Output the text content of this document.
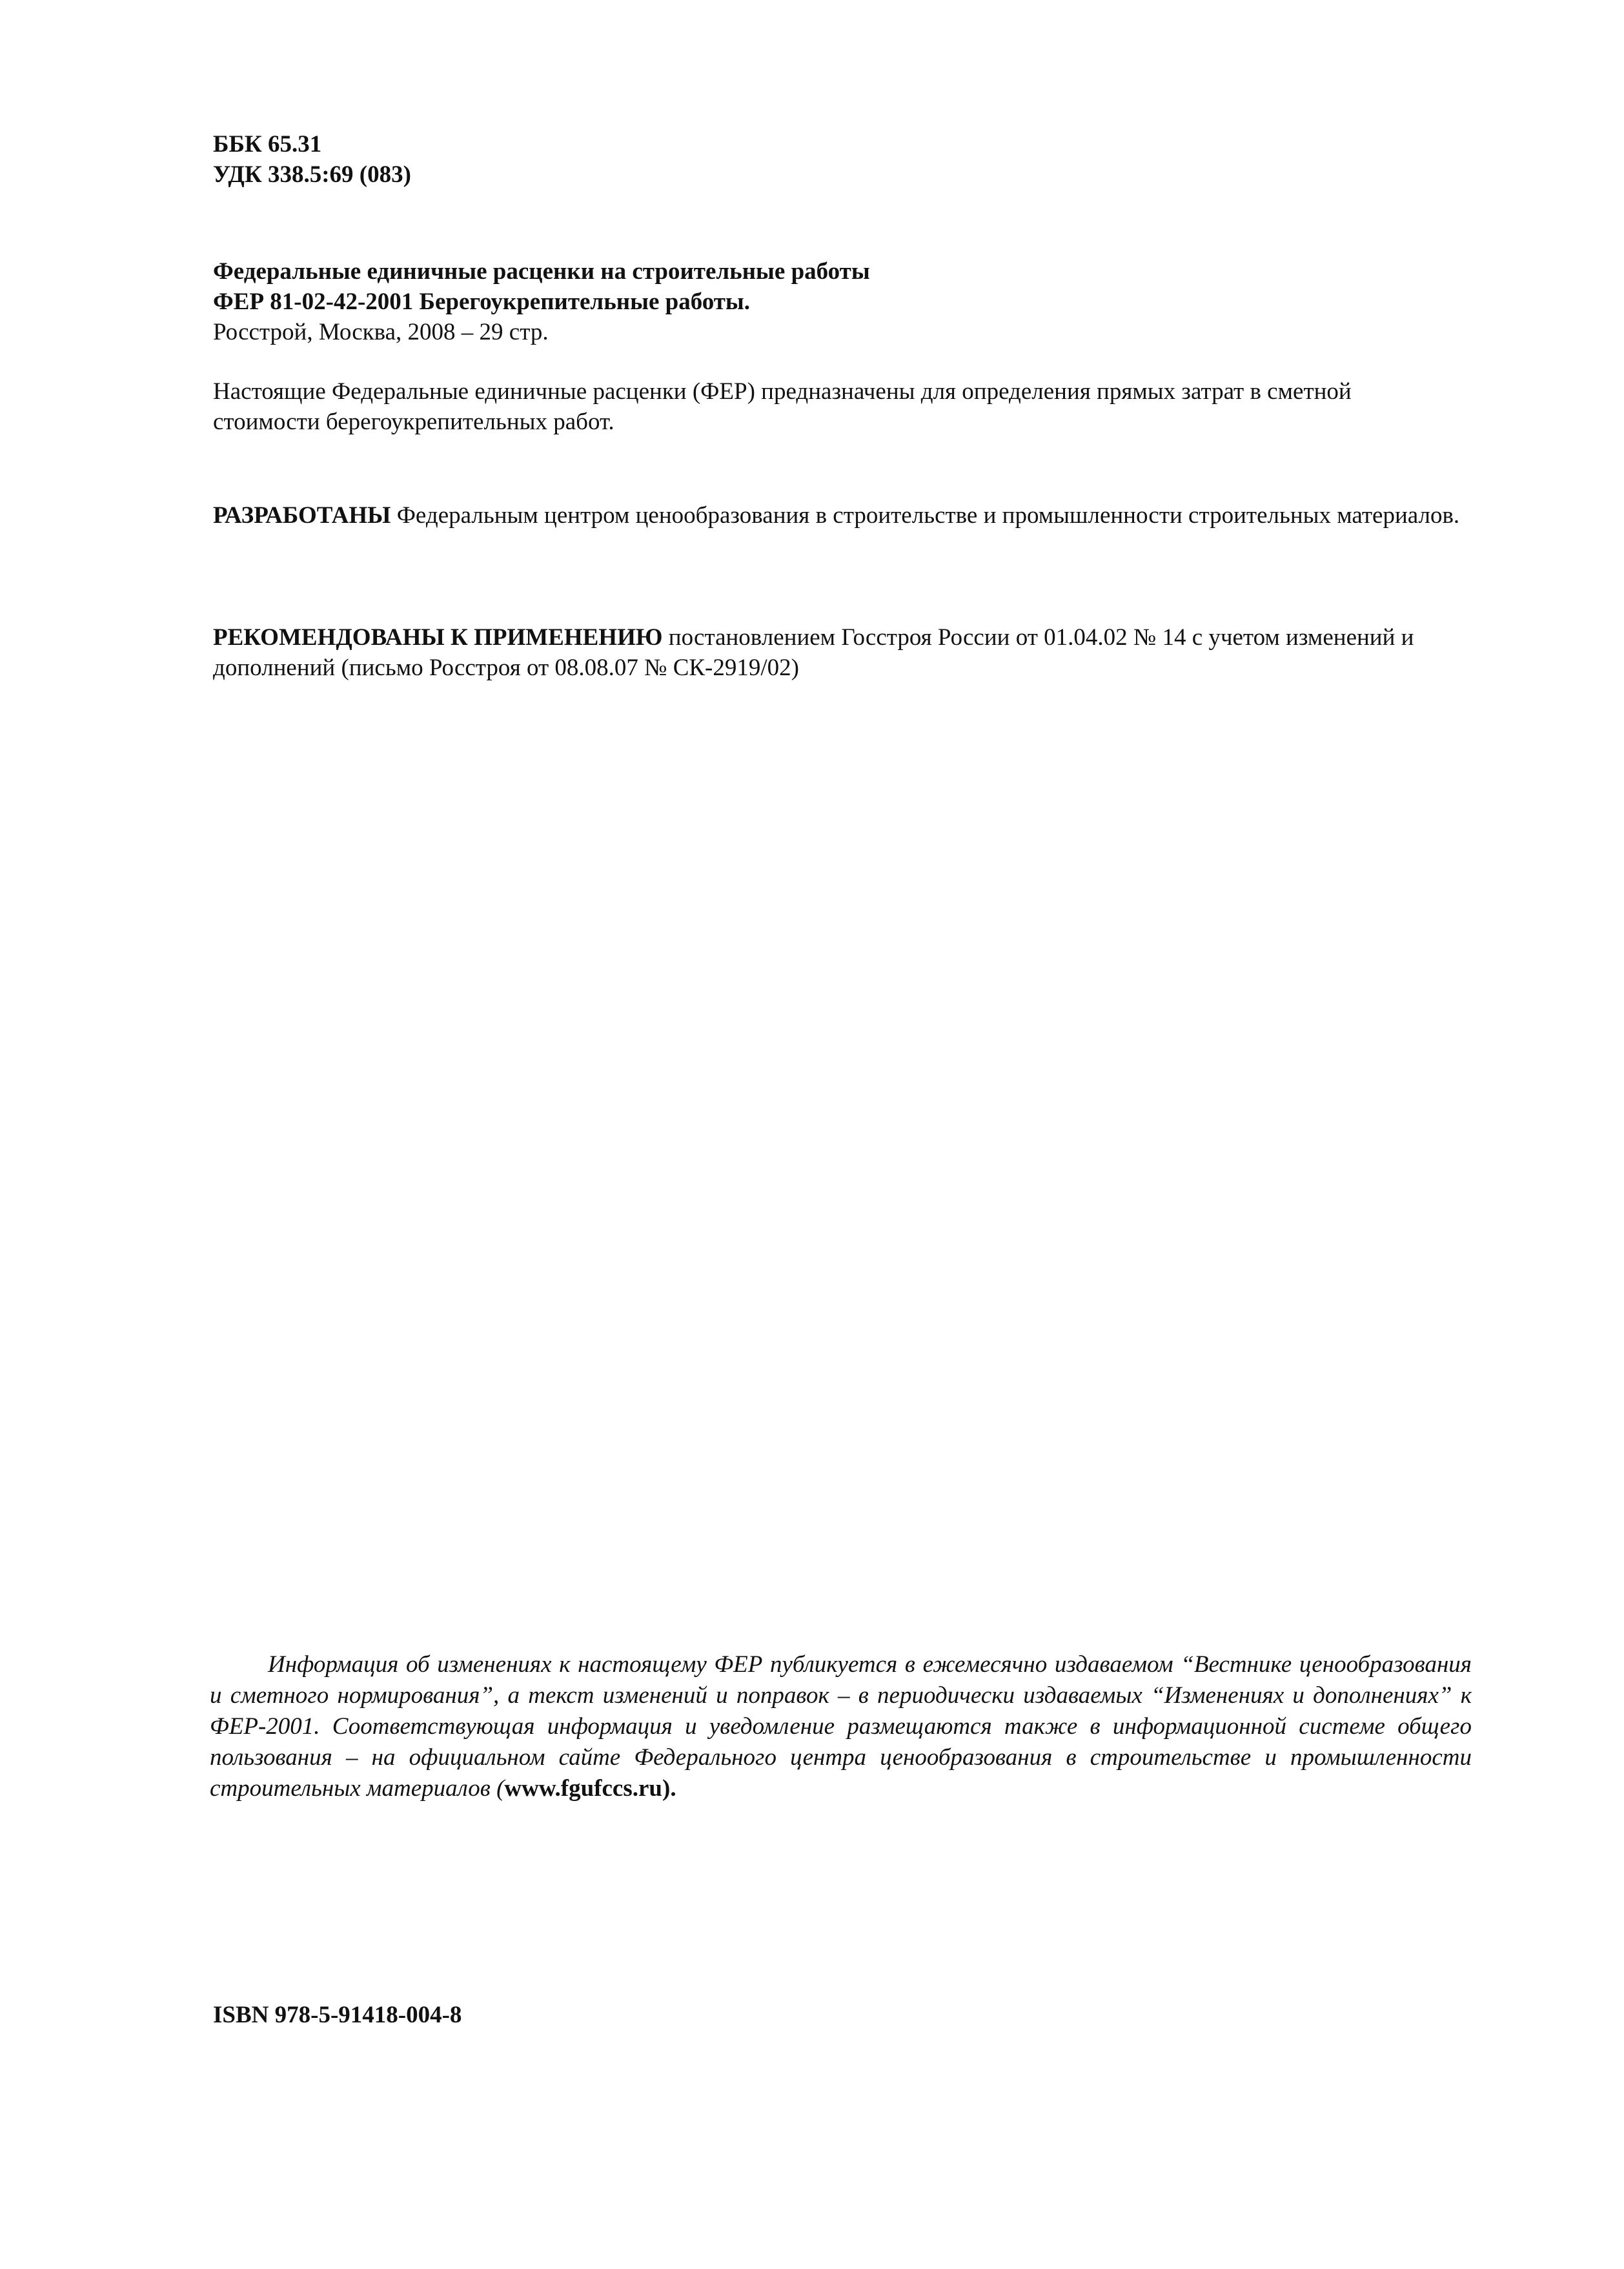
ББК 65.31
УДК 338.5:69 (083)
Федеральные единичные расценки на строительные работы
ФЕР 81-02-42-2001 Берегоукрепительные работы.
Росстрой, Москва, 2008 – 29 стр.
Настоящие Федеральные единичные расценки (ФЕР) предназначены для определения прямых затрат в сметной стоимости берегоукрепительных работ.
РАЗРАБОТАНЫ Федеральным центром ценообразования в строительстве и промышленности строительных материалов.
РЕКОМЕНДОВАНЫ К ПРИМЕНЕНИЮ постановлением Госстроя России от 01.04.02 № 14 с учетом изменений и дополнений (письмо Росстроя от 08.08.07 № СК-2919/02)
Информация об изменениях к настоящему ФЕР публикуется в ежемесячно издаваемом “Вестнике ценообразования и сметного нормирования”, а текст изменений и поправок – в периодически издаваемых “Изменениях и дополнениях” к ФЕР-2001. Соответствующая информация и уведомление размещаются также в информационной системе общего пользования – на официальном сайте Федерального центра ценообразования в строительстве и промышленности строительных материалов (www.fgufccs.ru).
ISBN 978-5-91418-004-8
